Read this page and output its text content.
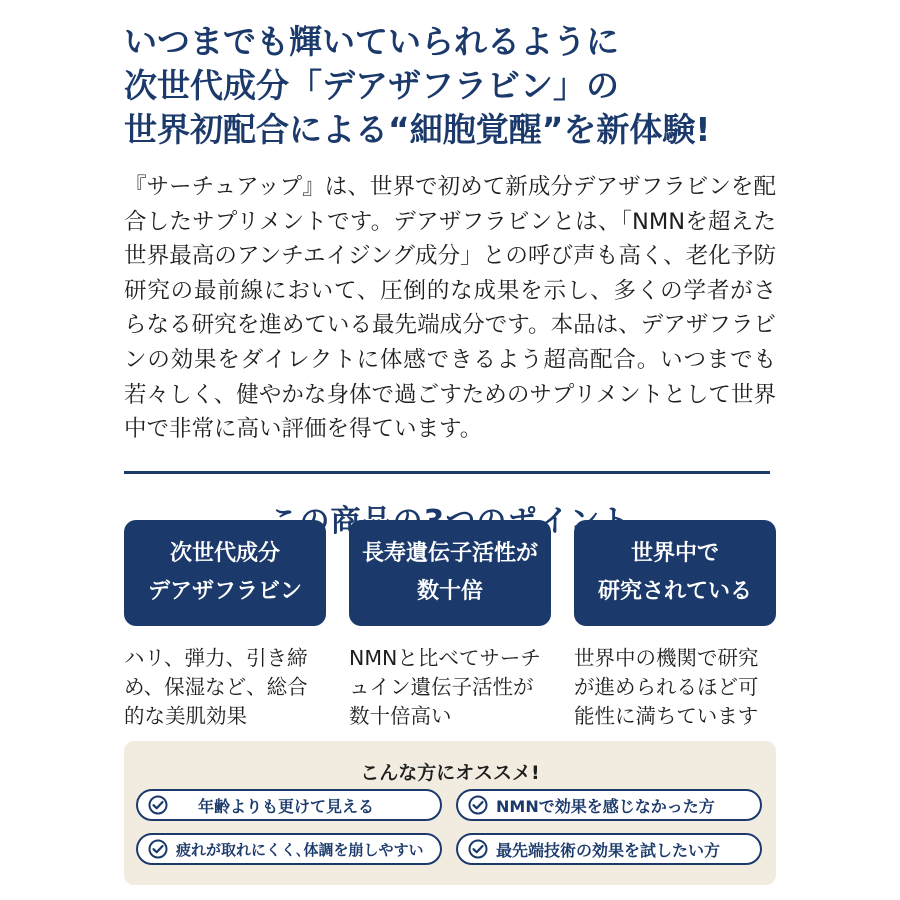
いつまでも輝いていられるように
次世代成分「デアザフラビン」の
世界初配合による“細胞覚醒”を新体験!
『サーチュアップ』は、世界で初めて新成分デアザフラビンを配合したサプリメントです。デアザフラビンとは、「NMNを超えた世界最高のアンチエイジング成分」との呼び声も高く、老化予防研究の最前線において、圧倒的な成果を示し、多くの学者がさらなる研究を進めている最先端成分です。本品は、デアザフラビンの効果をダイレクトに体感できるよう超高配合。いつまでも若々しく、健やかな身体で過ごすためのサプリメントとして世界中で非常に高い評価を得ています。
次世代成分
デアザフラビン
ハリ、弾力、引き締め、保湿など、総合的な美肌効果
長寿遺伝子活性が
数十倍
NMNと比べてサーチュイン遺伝子活性が数十倍高い
世界中で
研究されている
世界中の機関で研究が進められるほど可能性に満ちています
こんな方にオススメ!
年齢よりも更けて見える	NMNで効果を感じなかった方
疲れが取れにくく､体調を崩しやすい	最先端技術の効果を試したい方
